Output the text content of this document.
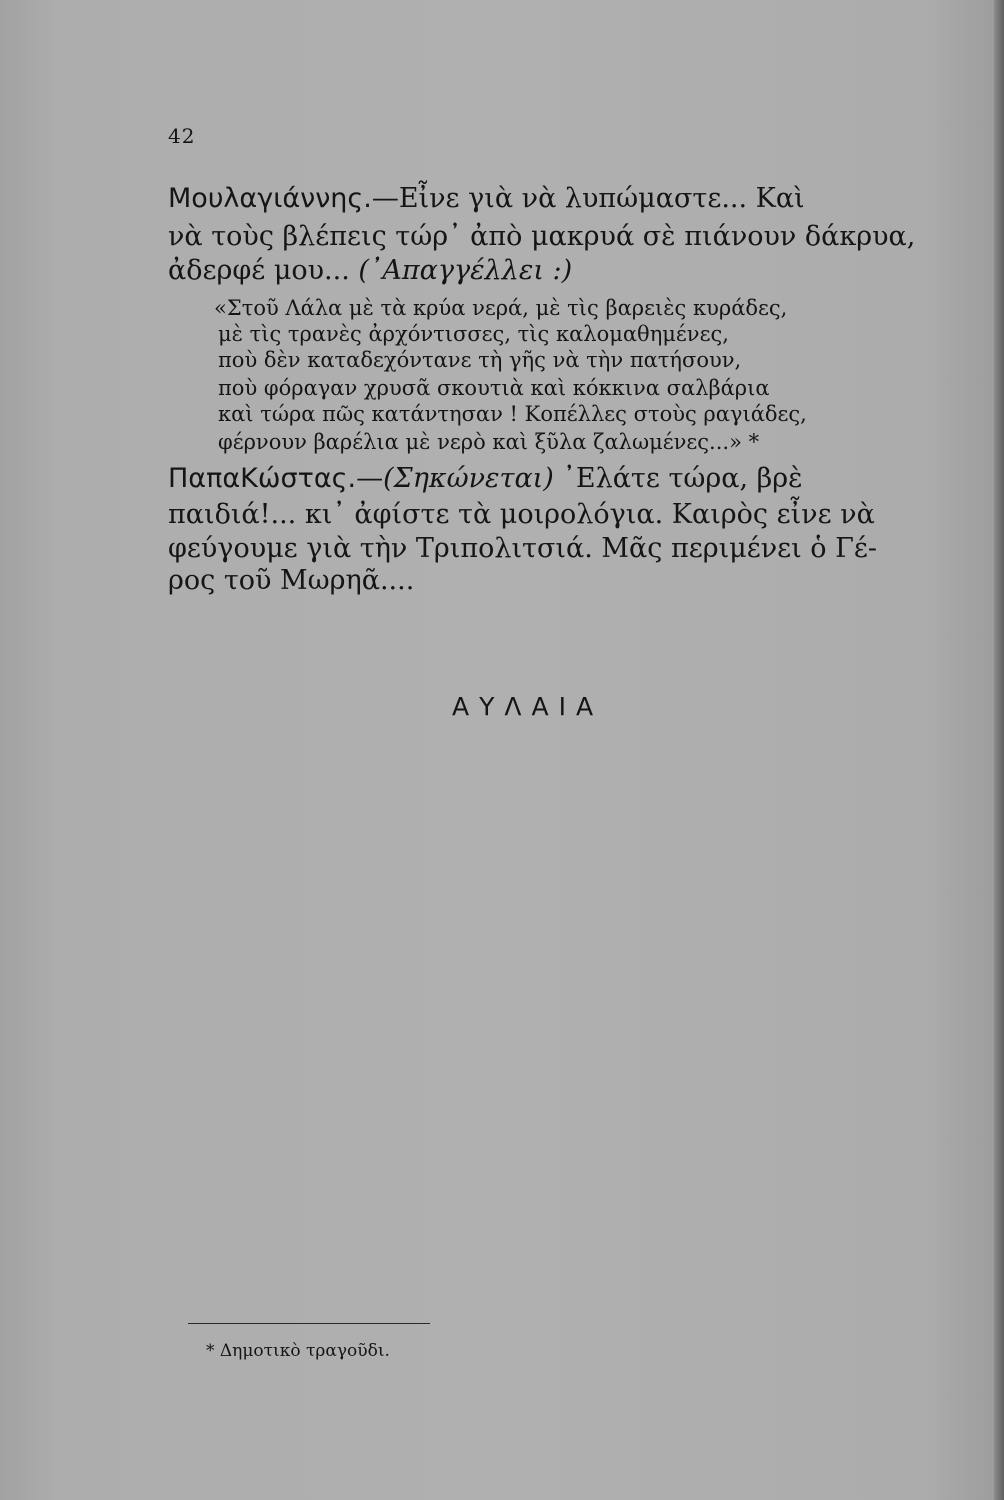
42
Μουλαγιάννης.—Εἶνε γιὰ νὰ λυπώμαστε... Καὶ
νὰ τοὺς βλέπεις τώρ᾿ ἀπὸ μακρυά σὲ πιάνουν δάκρυα,
ἀδερφέ μου... (᾿Απαγγέλλει :)
«Στοῦ Λάλα μὲ τὰ κρύα νερά, μὲ τὶς βαρειὲς κυράδες,
μὲ τὶς τρανὲς ἀρχόντισσες, τὶς καλομαθημένες,
ποὺ δὲν καταδεχόντανε τὴ γῆς νὰ τὴν πατήσουν,
ποὺ φόραγαν χρυσᾶ σκουτιὰ καὶ κόκκινα σαλβάρια
καὶ τώρα πῶς κατάντησαν ! Κοπέλλες στοὺς ραγιάδες,
φέρνουν βαρέλια μὲ νερὸ καὶ ξῦλα ζαλωμένες...» *
ΠαπαΚώστας.—(Σηκώνεται) ᾿Ελάτε τώρα, βρὲ
παιδιά!... κι᾿ ἀφίστε τὰ μοιρολόγια. Καιρὸς εἶνε νὰ
φεύγουμε γιὰ τὴν Τριπολιτσιά. Μᾶς περιμένει ὁ Γέ-
ρος τοῦ Μωρηᾶ....
ΑΥΛΑΙΑ
* Δημοτικὸ τραγοῦδι.
